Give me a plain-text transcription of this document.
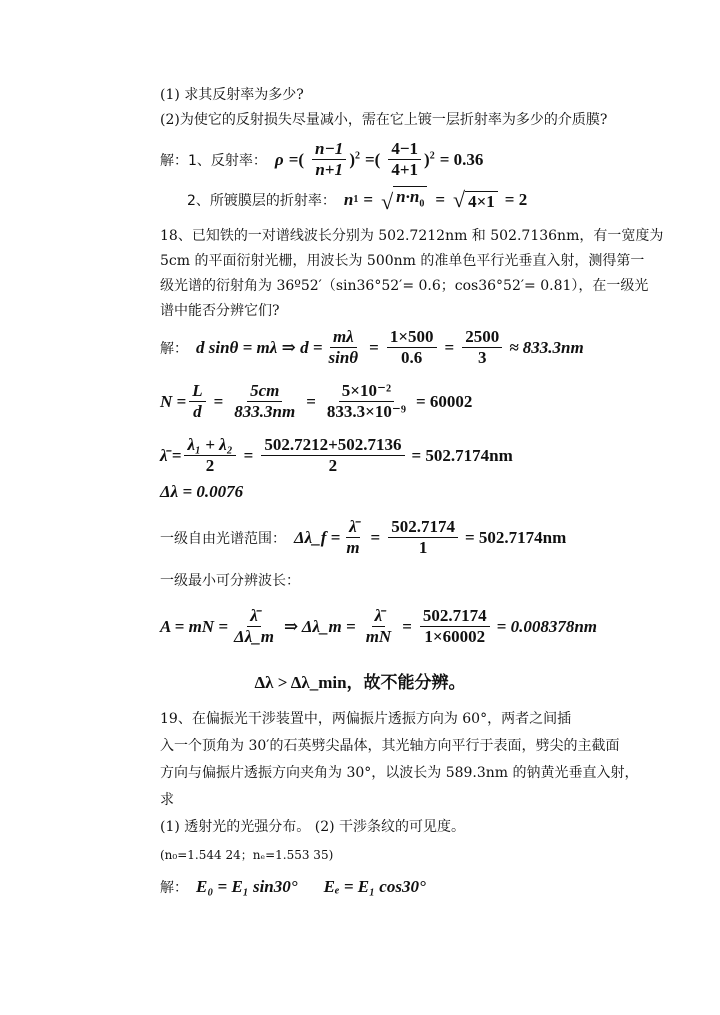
(1) 求其反射率为多少?
(2)为使它的反射损失尽量减小，需在它上镀一层折射率为多少的介质膜?
解：1、反射率： ρ =( $\frac{n-1}{n+1} )^2$ =( $\frac{4-1}{4+1} )^2 = 0.36$
2、所镀膜层的折射率： n 1 = √ $n\cdot n_0$ = √ 4×1 = 2
18、已知铁的一对谱线波长分别为 502.7212nm 和 502.7136nm，有一宽度为
5cm 的平面衍射光栅，用波长为 500nm 的准单色平行光垂直入射，测得第一
级光谱的衍射角为 36º52′（sin36°52′= 0.6；cos36°52′= 0.81），在一级光
谱中能否分辨它们?
解： d sinθ = mλ ⇒ $d = \frac{m\lambda}{\sin\theta} = \frac{1\times 500}{0.6} = \frac{2500}{3} \approx 833.3nm$
$N = \frac{L}{d} = \frac{5cm}{833.3nm} = \frac{\text{5×10⁻²}}{\text{833.3×10⁻⁹}} = 60002$
λ̄ = $\frac{\text{λ₁ + λ₂}}{2} = \frac{502.7212+502.7136}{2} = 502.7174nm$
Δλ = 0.0076
一级自由光谱范围： Δλ_f = $\frac{\lambdā}{m} = \frac{502.7174}{1} = 502.7174nm$
一级最小可分辨波长：
A = mN = $\frac{\lambdā}{\Delta\lambda\_m}$ ⇒ Δλ_m = $\frac{\lambdā}{mN} = \frac{502.7174}{1\times 60002} = 0.008378nm$
Δλ > Δλ_min，故不能分辨。
19、在偏振光干涉装置中，两偏振片透振方向为 60°，两者之间插
入一个顶角为 30′的石英劈尖晶体，其光轴方向平行于表面，劈尖的主截面
方向与偏振片透振方向夹角为 30°，以波长为 589.3nm 的钠黄光垂直入射，
求
(1) 透射光的光强分布。 (2) 干涉条纹的可见度。
(n₀=1.544 24；nₑ=1.553 35)
解： E₀ = E₁ sin30° Eₑ = E₁ cos30°
